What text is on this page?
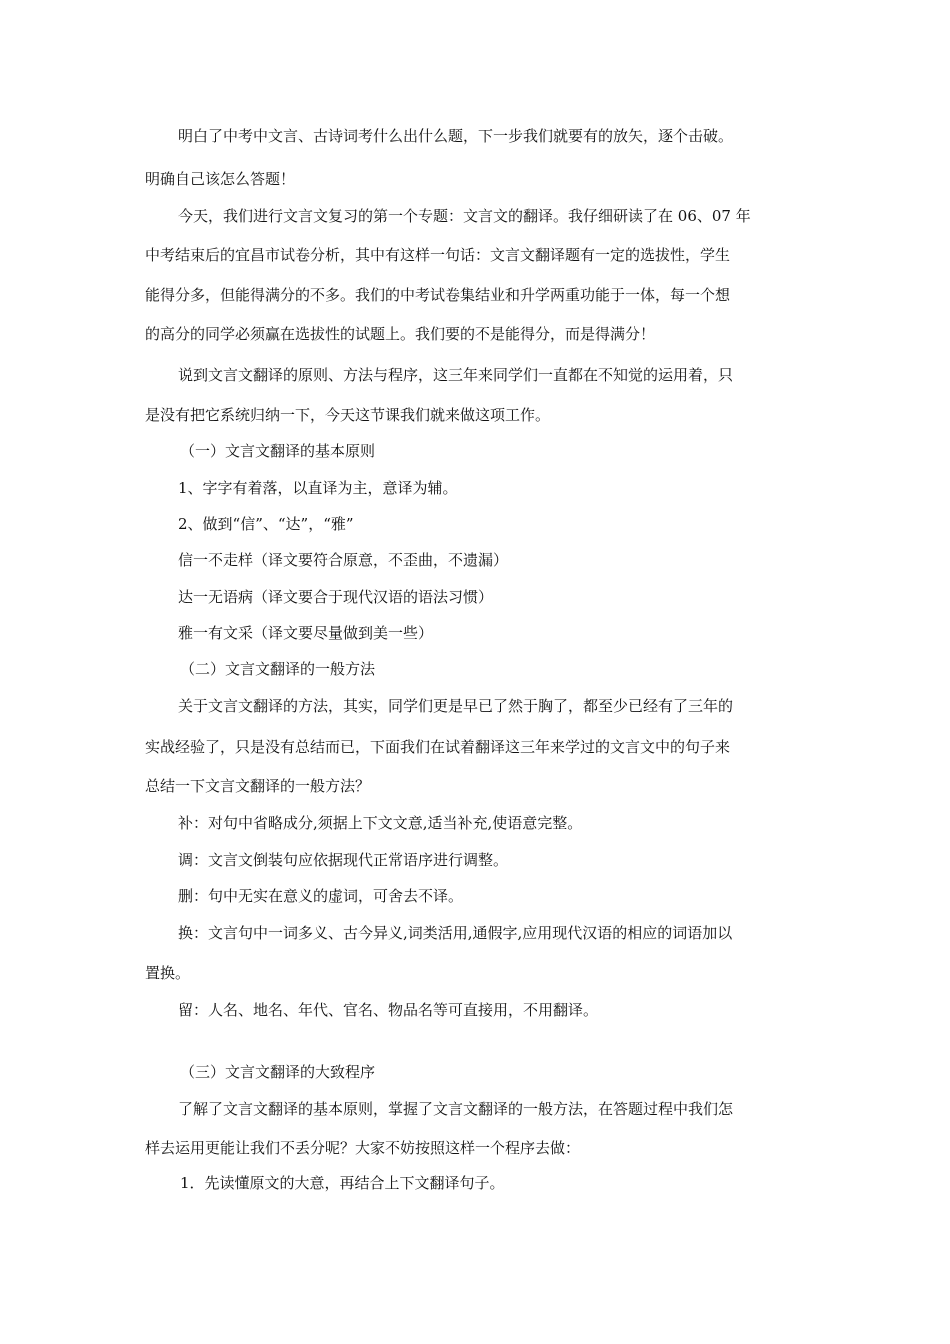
明白了中考中文言、古诗词考什么出什么题，下一步我们就要有的放矢，逐个击破。

明确自己该怎么答题！

今天，我们进行文言文复习的第一个专题：文言文的翻译。我仔细研读了在 06、07 年

中考结束后的宜昌市试卷分析，其中有这样一句话：文言文翻译题有一定的选拔性，学生

能得分多，但能得满分的不多。我们的中考试卷集结业和升学两重功能于一体，每一个想

的高分的同学必须赢在选拔性的试题上。我们要的不是能得分，而是得满分！

说到文言文翻译的原则、方法与程序，这三年来同学们一直都在不知觉的运用着，只

是没有把它系统归纳一下，今天这节课我们就来做这项工作。

（一）文言文翻译的基本原则

1、字字有着落，以直译为主，意译为辅。

2、做到“信”、“达”，“雅”

信一不走样（译文要符合原意，不歪曲，不遗漏）

达一无语病（译文要合于现代汉语的语法习惯）

雅一有文采（译文要尽量做到美一些）

（二）文言文翻译的一般方法

关于文言文翻译的方法，其实，同学们更是早已了然于胸了，都至少已经有了三年的

实战经验了，只是没有总结而已，下面我们在试着翻译这三年来学过的文言文中的句子来

总结一下文言文翻译的一般方法？

补：对句中省略成分,须据上下文文意,适当补充,使语意完整。

调：文言文倒装句应依据现代正常语序进行调整。

删：句中无实在意义的虚词，可舍去不译。

换：文言句中一词多义、古今异义,词类活用,通假字,应用现代汉语的相应的词语加以

置换。

留：人名、地名、年代、官名、物品名等可直接用，不用翻译。

（三）文言文翻译的大致程序

了解了文言文翻译的基本原则，掌握了文言文翻译的一般方法，在答题过程中我们怎

样去运用更能让我们不丢分呢？大家不妨按照这样一个程序去做：

1．先读懂原文的大意，再结合上下文翻译句子。
